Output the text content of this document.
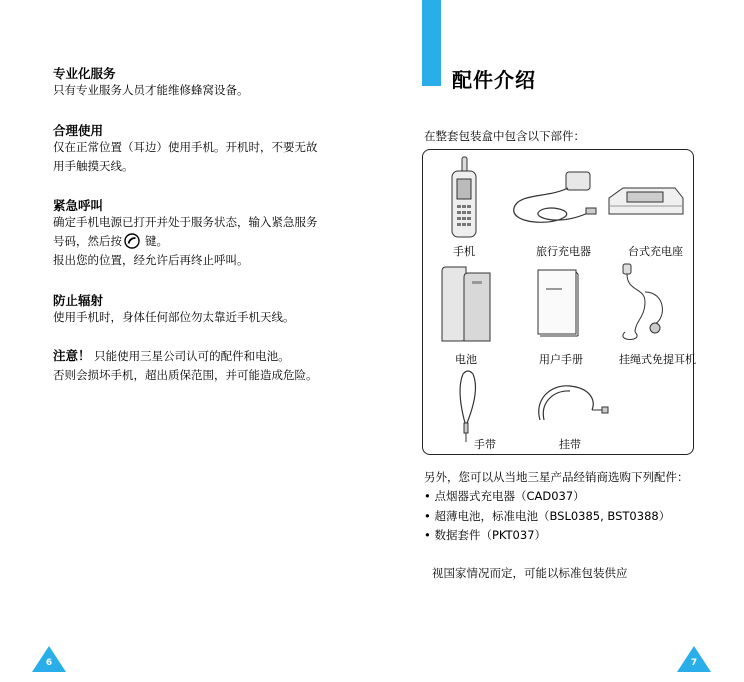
专业化服务
只有专业服务人员才能维修蜂窝设备。
合理使用
仅在正常位置（耳边）使用手机。开机时，不要无故
用手触摸天线。
紧急呼叫
确定手机电源已打开并处于服务状态，输入紧急服务
号码，然后按 键。
报出您的位置，经允许后再终止呼叫。
防止辐射
使用手机时，身体任何部位勿太靠近手机天线。
注意！ 只能使用三星公司认可的配件和电池。
否则会损坏手机，超出质保范围，并可能造成危险。
6
配件介绍
在整套包装盒中包含以下部件：
手机	旅行充电器	台式充电座
电池	用户手册	挂绳式免提耳机
手带	挂带
另外，您可以从当地三星产品经销商选购下列配件：
• 点烟器式充电器（CAD037）
• 超薄电池，标准电池（BSL0385, BST0388）
• 数据套件（PKT037）
视国家情况而定，可能以标准包装供应
7
